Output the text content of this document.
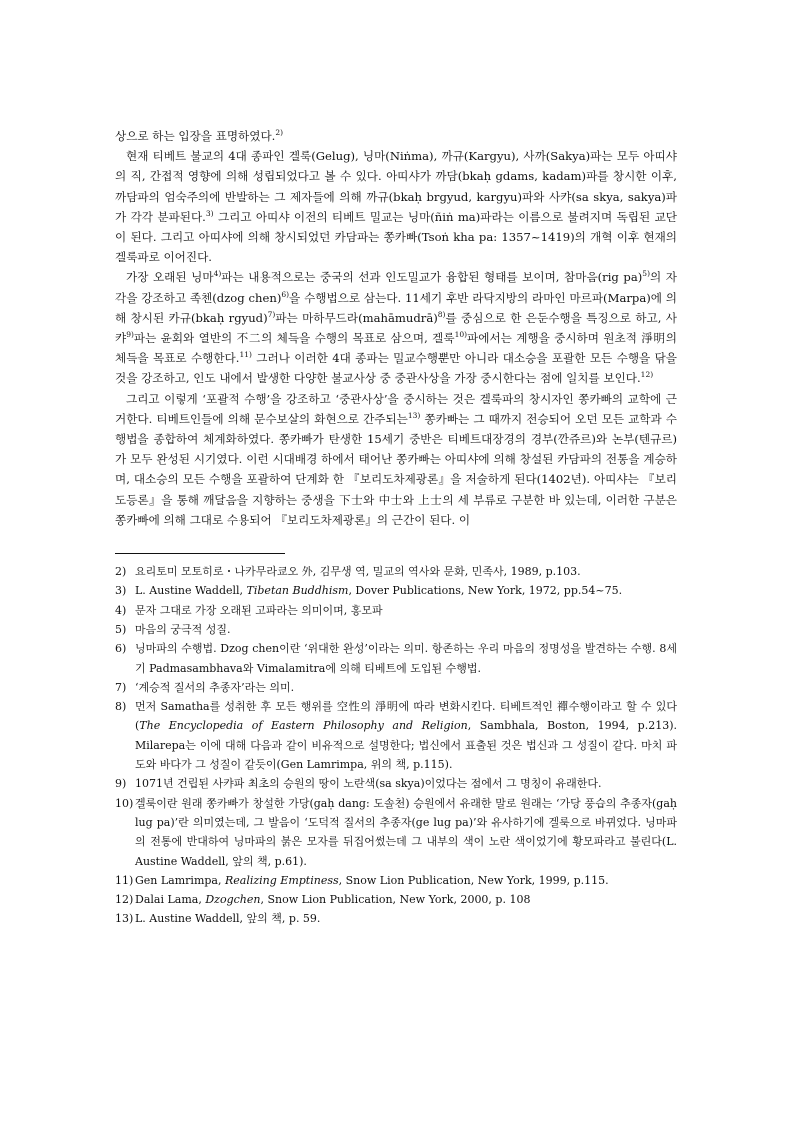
상으로 하는 입장을 표명하였다.$^{2)}$

현재 티베트 불교의 4대 종파인 겔룩(Gelug), 닝마(Niṅma), 까규(Kargyu), 사까(Sakya)파는 모두 아띠샤의 직, 간접적 영향에 의해 성립되었다고 볼 수 있다. 아띠샤가 까담(bkaḥ gdams, kadam)파를 창시한 이후, 까담파의 엄숙주의에 반발하는 그 제자들에 의해 까규(bkaḥ brgyud, kargyu)파와 사캬(sa skya, sakya)파가 각각 분파된다.$^{3)}$ 그리고 아띠샤 이전의 티베트 밀교는 닝마(ñiṅ ma)파라는 이름으로 불려지며 독립된 교단이 된다. 그리고 아띠샤에 의해 창시되었던 카담파는 쫑카빠(Tsoṅ kha pa: 1357~1419)의 개혁 이후 현재의 겔룩파로 이어진다.

가장 오래된 닝마$^{4)}$파는 내용적으로는 중국의 선과 인도밀교가 융합된 형태를 보이며, 참마음(rig pa)$^{5)}$의 자각을 강조하고 족첸(dzog chen)$^{6)}$을 수행법으로 삼는다. 11세기 후반 라닥지방의 라마인 마르파(Marpa)에 의해 창시된 카규(bkaḥ rgyud)$^{7)}$파는 마하무드라(mahāmudrā)$^{8)}$를 중심으로 한 은둔수행을 특징으로 하고, 사캬$^{9)}$파는 윤회와 열반의 不二의 체득을 수행의 목표로 삼으며, 겔룩$^{10)}$파에서는 계행을 중시하며 원초적 淨明의 체득을 목표로 수행한다.$^{11)}$ 그러나 이러한 4대 종파는 밀교수행뿐만 아니라 대소승을 포괄한 모든 수행을 닦을 것을 강조하고, 인도 내에서 발생한 다양한 불교사상 중 중관사상을 가장 중시한다는 점에 일치를 보인다.$^{12)}$

그리고 이렇게 ‘포괄적 수행’을 강조하고 ‘중관사상’을 중시하는 것은 겔룩파의 창시자인 쫑카빠의 교학에 근거한다. 티베트인들에 의해 문수보살의 화현으로 간주되는$^{13)}$ 쫑카빠는 그 때까지 전승되어 오던 모든 교학과 수행법을 종합하여 체계화하였다. 쫑카빠가 탄생한 15세기 중반은 티베트대장경의 경부(깐쥬르)와 논부(텐규르)가 모두 완성된 시기였다. 이런 시대배경 하에서 태어난 쫑카빠는 아띠샤에 의해 창설된 카담파의 전통을 계승하며, 대소승의 모든 수행을 포괄하여 단계화 한 『보리도차제광론』을 저술하게 된다(1402년). 아띠샤는 『보리도등론』을 통해 깨달음을 지향하는 중생을 下士와 中士와 上士의 세 부류로 구분한 바 있는데, 이러한 구분은 쫑카빠에 의해 그대로 수용되어 『보리도차제광론』의 근간이 된다. 이

2) 요리토미 모토히로・나카무라쿄오 外, 김무생 역, 밀교의 역사와 문화, 민족사, 1989, p.103.
3) L. Austine Waddell, Tibetan Buddhism, Dover Publications, New York, 1972, pp.54~75.
4) 문자 그대로 가장 오래된 고파라는 의미이며, 홍모파
5) 마음의 궁극적 성질.
6) 닝마파의 수행법. Dzog chen이란 ‘위대한 완성’이라는 의미. 항존하는 우리 마음의 정명성을 발견하는 수행. 8세기 Padmasambhava와 Vimalamitra에 의해 티베트에 도입된 수행법.
7) ‘계승적 질서의 추종자’라는 의미.
8) 먼저 Samatha를 성취한 후 모든 행위를 空性의 淨明에 따라 변화시킨다. 티베트적인 禪수행이라고 할 수 있다(The Encyclopedia of Eastern Philosophy and Religion, Sambhala, Boston, 1994, p.213). Milarepa는 이에 대해 다음과 같이 비유적으로 설명한다; 법신에서 표출된 것은 법신과 그 성질이 같다. 마치 파도와 바다가 그 성질이 같듯이(Gen Lamrimpa, 위의 책, p.115).
9) 1071년 건립된 사캬파 최초의 승원의 땅이 노란색(sa skya)이었다는 점에서 그 명칭이 유래한다.
10) 겔룩이란 원래 쫑카빠가 창설한 가당(gaḥ dang: 도솔천) 승원에서 유래한 말로 원래는 ‘가당 풍습의 추종자(gaḥ lug pa)’란 의미였는데, 그 발음이 ‘도덕적 질서의 추종자(ge lug pa)’와 유사하기에 겔룩으로 바뀌었다. 닝마파의 전통에 반대하여 닝마파의 붉은 모자를 뒤집어썼는데 그 내부의 색이 노란 색이었기에 황모파라고 불린다(L. Austine Waddell, 앞의 책, p.61).
11) Gen Lamrimpa, Realizing Emptiness, Snow Lion Publication, New York, 1999, p.115.
12) Dalai Lama, Dzogchen, Snow Lion Publication, New York, 2000, p. 108
13) L. Austine Waddell, 앞의 책, p. 59.
